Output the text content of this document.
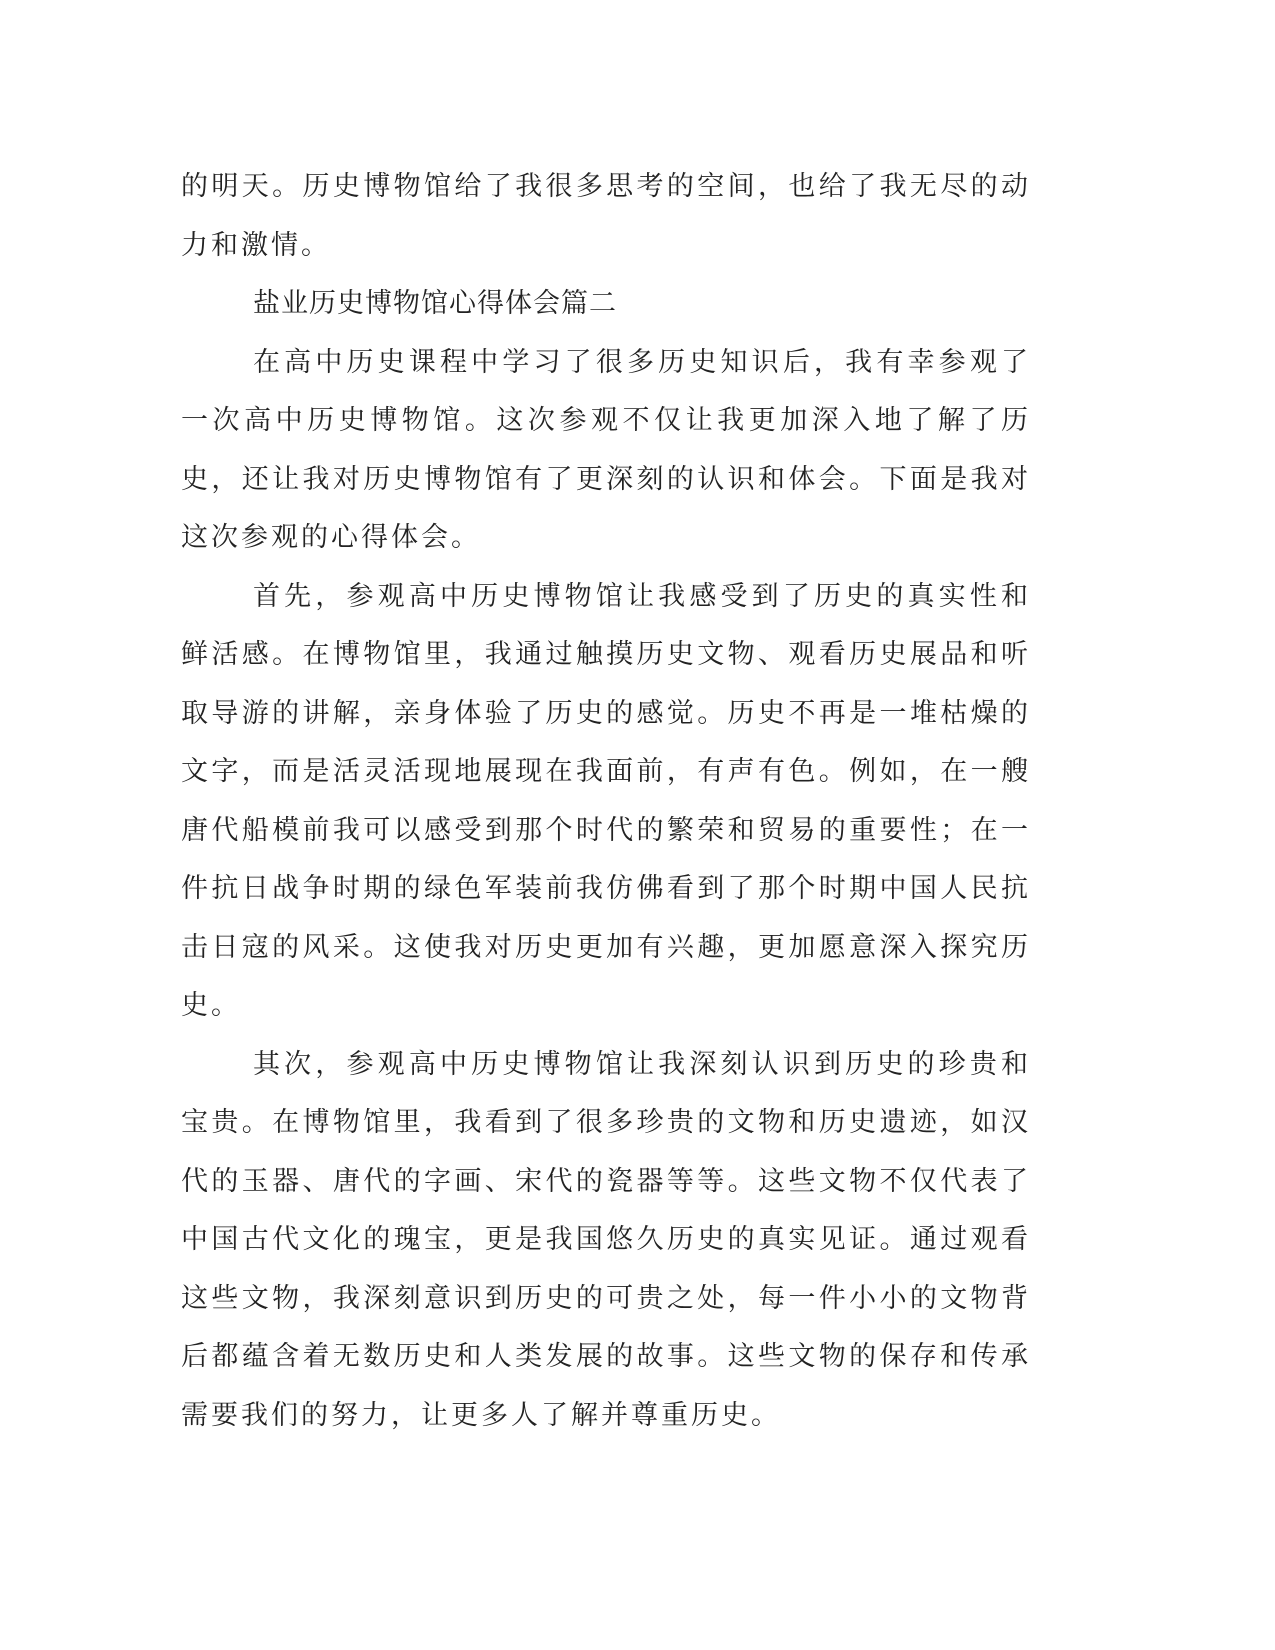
的明天。历史博物馆给了我很多思考的空间，也给了我无尽的动力和激情。

盐业历史博物馆心得体会篇二

在高中历史课程中学习了很多历史知识后，我有幸参观了一次高中历史博物馆。这次参观不仅让我更加深入地了解了历史，还让我对历史博物馆有了更深刻的认识和体会。下面是我对这次参观的心得体会。

首先，参观高中历史博物馆让我感受到了历史的真实性和鲜活感。在博物馆里，我通过触摸历史文物、观看历史展品和听取导游的讲解，亲身体验了历史的感觉。历史不再是一堆枯燥的文字，而是活灵活现地展现在我面前，有声有色。例如，在一艘唐代船模前我可以感受到那个时代的繁荣和贸易的重要性；在一件抗日战争时期的绿色军装前我仿佛看到了那个时期中国人民抗击日寇的风采。这使我对历史更加有兴趣，更加愿意深入探究历史。

其次，参观高中历史博物馆让我深刻认识到历史的珍贵和宝贵。在博物馆里，我看到了很多珍贵的文物和历史遗迹，如汉代的玉器、唐代的字画、宋代的瓷器等等。这些文物不仅代表了中国古代文化的瑰宝，更是我国悠久历史的真实见证。通过观看这些文物，我深刻意识到历史的可贵之处，每一件小小的文物背后都蕴含着无数历史和人类发展的故事。这些文物的保存和传承需要我们的努力，让更多人了解并尊重历史。
